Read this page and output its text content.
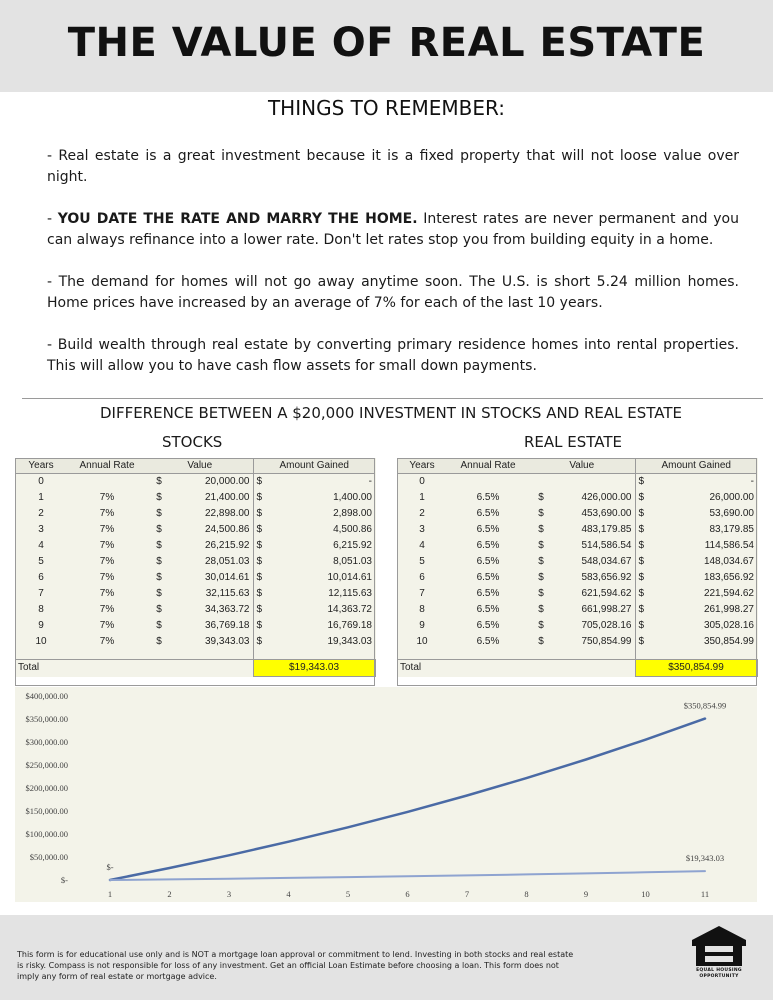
THE VALUE OF REAL ESTATE
THINGS TO REMEMBER:

- Real estate is a great investment because it is a fixed property that will not loose value over night.

- YOU DATE THE RATE AND MARRY THE HOME. Interest rates are never permanent and you can always refinance into a lower rate. Don't let rates stop you from building equity in a home.

- The demand for homes will not go away anytime soon. The U.S. is short 5.24 million homes. Home prices have increased by an average of 7% for each of the last 10 years.

- Build wealth through real estate by converting primary residence homes into rental properties. This will allow you to have cash flow assets for small down payments.

DIFFERENCE BETWEEN A $20,000 INVESTMENT IN STOCKS AND REAL ESTATE
STOCKS	REAL ESTATE
Years	Annual Rate	Value		Amount Gained	
0		$	20,000.00	$	-
1	7%	$	21,400.00	$	1,400.00
2	7%	$	22,898.00	$	2,898.00
3	7%	$	24,500.86	$	4,500.86
4	7%	$	26,215.92	$	6,215.92
5	7%	$	28,051.03	$	8,051.03
6	7%	$	30,014.61	$	10,014.61
7	7%	$	32,115.63	$	12,115.63
8	7%	$	34,363.72	$	14,363.72
9	7%	$	36,769.18	$	16,769.18
10	7%	$	39,343.03	$	19,343.03

Total				$19,343.03	
Years	Annual Rate	Value		Amount Gained	
0				$	-
1	6.5%	$	426,000.00	$	26,000.00
2	6.5%	$	453,690.00	$	53,690.00
3	6.5%	$	483,179.85	$	83,179.85
4	6.5%	$	514,586.54	$	114,586.54
5	6.5%	$	548,034.67	$	148,034.67
6	6.5%	$	583,656.92	$	183,656.92
7	6.5%	$	621,594.62	$	221,594.62
8	6.5%	$	661,998.27	$	261,998.27
9	6.5%	$	705,028.16	$	305,028.16
10	6.5%	$	750,854.99	$	350,854.99

Total				$350,854.99	
$-
$50,000.00
$100,000.00
$150,000.00
$200,000.00
$250,000.00
$300,000.00
$350,000.00
$400,000.00
1	2	3	4	5	6	7	8	9	10	11
$350,854.99
$19,343.03
$-
This form is for educational use only and is NOT a mortgage loan approval or commitment to lend. Investing in both stocks and real estate is risky. Compass is not responsible for loss of any investment. Get an official Loan Estimate before choosing a loan. This form does not imply any form of real estate or mortgage advice.
EQUAL HOUSING
OPPORTUNITY
